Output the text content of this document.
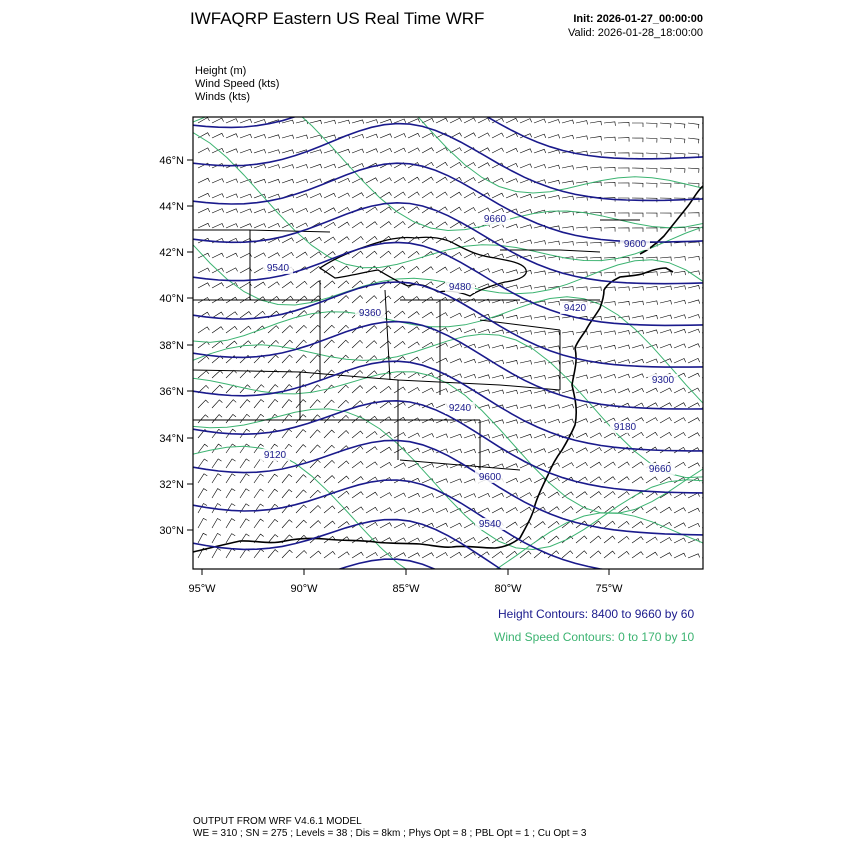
IWFAQRP Eastern US Real Time WRF	Init: 2026-01-27_00:00:00
Valid: 2026-01-28_18:00:00
Height (m)
Wind Speed (kts)
Winds (kts)
46°N
44°N
42°N
40°N
38°N
36°N
34°N
32°N
30°N
95°W	90°W	85°W	80°W	75°W
9660
9600
9540
9480
9420
9360
9300
9240
9180
9120
9660
9600
9540
Height Contours: 8400 to 9660 by 60
Wind Speed Contours: 0 to 170 by 10
OUTPUT FROM WRF V4.6.1 MODEL
WE = 310 ; SN = 275 ; Levels = 38 ; Dis = 8km ; Phys Opt = 8 ; PBL Opt = 1 ; Cu Opt = 3
